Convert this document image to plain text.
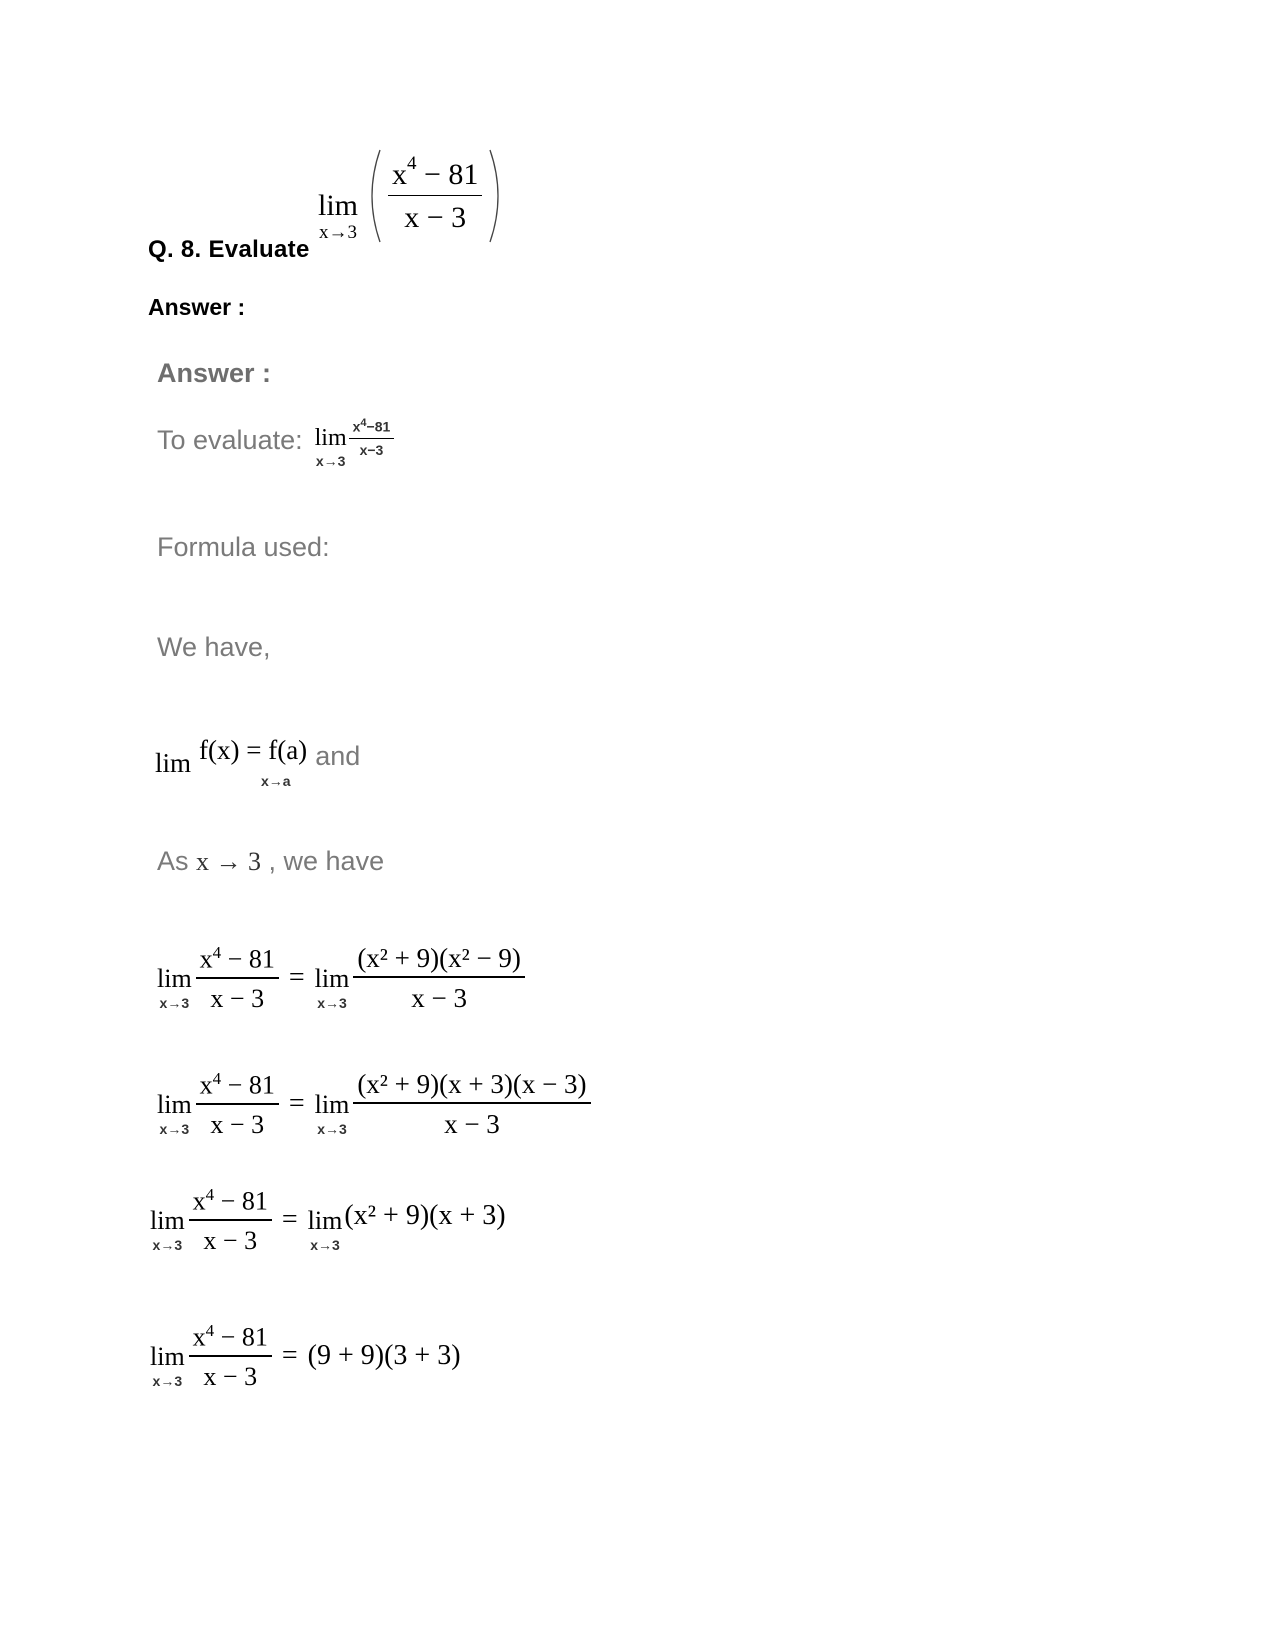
lim
$x\to 3 \frac{x^4 - 81}{x - 3}$
Q. 8. Evaluate
Answer :
Answer :
To evaluate: lim
x→3
$\frac{x^4-81}{x-3}$
Formula used:
We have,
lim f(x) = f(a)
x→a
and
As x → 3 , we have
lim
$x\to 3 \frac{x^4 - 81}{x - 3} = \lim$
$x\to 3 \frac{\text{(x² + 9)(x² − 9)}}{x - 3}$
lim
$x\to 3 \frac{x^4 - 81}{x - 3} = \lim$
$x\to 3 \frac{\text{(x² + 9)(x + 3)(x − 3)}}{x - 3}$
lim
$x\to 3 \frac{x^4 - 81}{x - 3} = \lim$
x→3
(x² + 9)(x + 3)
lim
$x\to 3 \frac{x^4 - 81}{x - 3} = (9 + 9)(3 + 3)$
